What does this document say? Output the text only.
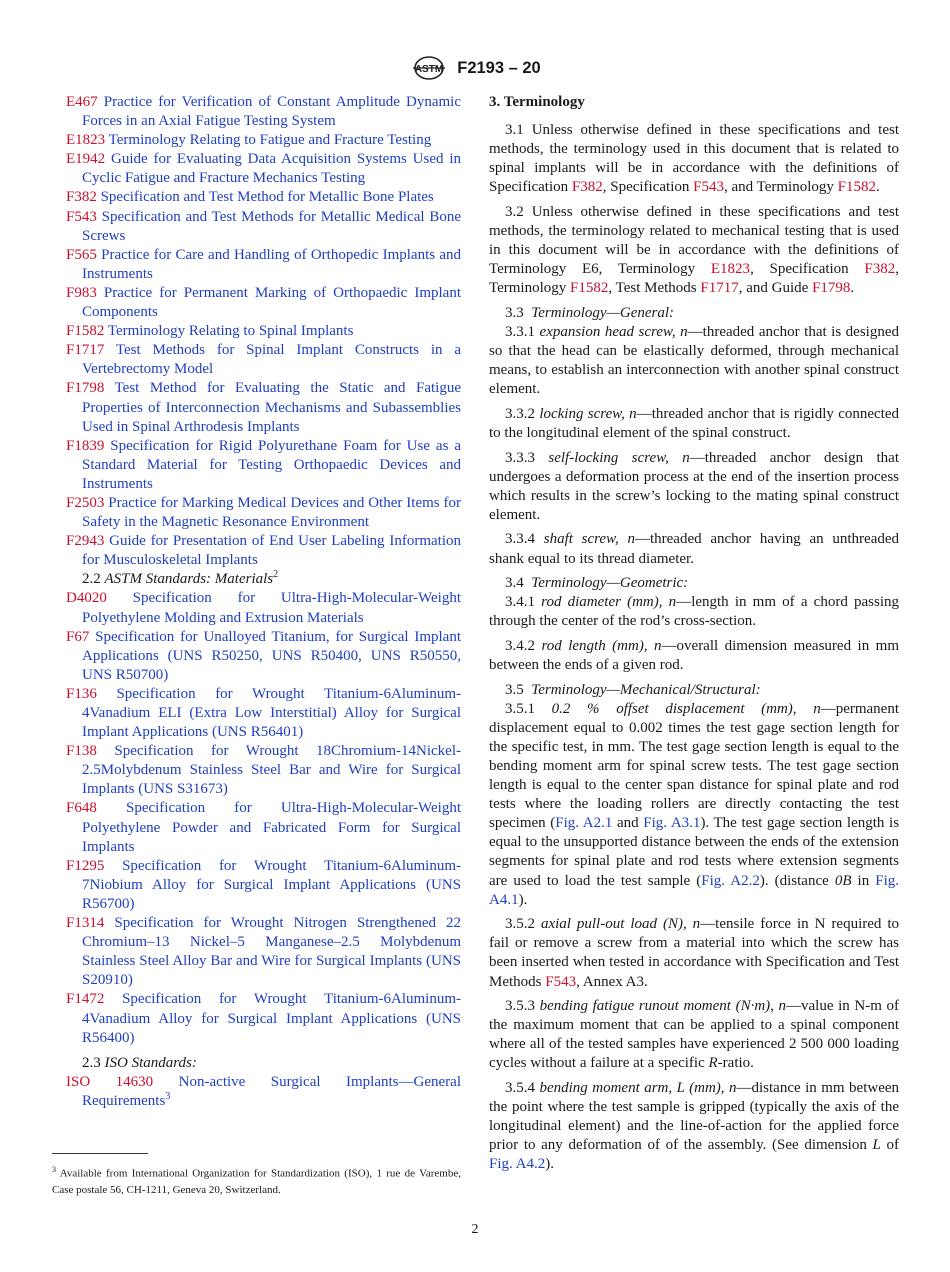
ASTM F2193 – 20
E467 Practice for Verification of Constant Amplitude Dynamic Forces in an Axial Fatigue Testing System
E1823 Terminology Relating to Fatigue and Fracture Testing
E1942 Guide for Evaluating Data Acquisition Systems Used in Cyclic Fatigue and Fracture Mechanics Testing
F382 Specification and Test Method for Metallic Bone Plates
F543 Specification and Test Methods for Metallic Medical Bone Screws
F565 Practice for Care and Handling of Orthopedic Implants and Instruments
F983 Practice for Permanent Marking of Orthopaedic Implant Components
F1582 Terminology Relating to Spinal Implants
F1717 Test Methods for Spinal Implant Constructs in a Vertebrectomy Model
F1798 Test Method for Evaluating the Static and Fatigue Properties of Interconnection Mechanisms and Subassemblies Used in Spinal Arthrodesis Implants
F1839 Specification for Rigid Polyurethane Foam for Use as a Standard Material for Testing Orthopaedic Devices and Instruments
F2503 Practice for Marking Medical Devices and Other Items for Safety in the Magnetic Resonance Environment
F2943 Guide for Presentation of End User Labeling Information for Musculoskeletal Implants
2.2 ASTM Standards: Materials$^2$
D4020 Specification for Ultra-High-Molecular-Weight Polyethylene Molding and Extrusion Materials
F67 Specification for Unalloyed Titanium, for Surgical Implant Applications (UNS R50250, UNS R50400, UNS R50550, UNS R50700)
F136 Specification for Wrought Titanium-6Aluminum-4Vanadium ELI (Extra Low Interstitial) Alloy for Surgical Implant Applications (UNS R56401)
F138 Specification for Wrought 18Chromium-14Nickel-2.5Molybdenum Stainless Steel Bar and Wire for Surgical Implants (UNS S31673)
F648 Specification for Ultra-High-Molecular-Weight Polyethylene Powder and Fabricated Form for Surgical Implants
F1295 Specification for Wrought Titanium-6Aluminum-7Niobium Alloy for Surgical Implant Applications (UNS R56700)
F1314 Specification for Wrought Nitrogen Strengthened 22 Chromium–13 Nickel–5 Manganese–2.5 Molybdenum Stainless Steel Alloy Bar and Wire for Surgical Implants (UNS S20910)
F1472 Specification for Wrought Titanium-6Aluminum-4Vanadium Alloy for Surgical Implant Applications (UNS R56400)
2.3 ISO Standards:
ISO 14630 Non-active Surgical Implants—General Requirements$^3$
$^3$ Available from International Organization for Standardization (ISO), 1 rue de Varembe, Case postale 56, CH-1211, Geneva 20, Switzerland.
3. Terminology

3.1 Unless otherwise defined in these specifications and test methods, the terminology used in this document that is related to spinal implants will be in accordance with the definitions of Specification F382, Specification F543, and Terminology F1582.

3.2 Unless otherwise defined in these specifications and test methods, the terminology related to mechanical testing that is used in this document will be in accordance with the definitions of Terminology E6, Terminology E1823, Specification F382, Terminology F1582, Test Methods F1717, and Guide F1798.

3.3 Terminology—General:

3.3.1 expansion head screw, n—threaded anchor that is designed so that the head can be elastically deformed, through mechanical means, to establish an interconnection with another spinal construct element.

3.3.2 locking screw, n—threaded anchor that is rigidly connected to the longitudinal element of the spinal construct.

3.3.3 self-locking screw, n—threaded anchor design that undergoes a deformation process at the end of the insertion process which results in the screw’s locking to the mating spinal construct element.

3.3.4 shaft screw, n—threaded anchor having an unthreaded shank equal to its thread diameter.

3.4 Terminology—Geometric:

3.4.1 rod diameter (mm), n—length in mm of a chord passing through the center of the rod’s cross-section.

3.4.2 rod length (mm), n—overall dimension measured in mm between the ends of a given rod.

3.5 Terminology—Mechanical/Structural:

3.5.1 0.2 % offset displacement (mm), n—permanent displacement equal to 0.002 times the test gage section length for the specific test, in mm. The test gage section length is equal to the bending moment arm for spinal screw tests. The test gage section length is equal to the center span distance for spinal plate and rod tests where the loading rollers are directly contacting the test specimen (Fig. A2.1 and Fig. A3.1). The test gage section length is equal to the unsupported distance between the ends of the extension segments for spinal plate and rod tests where extension segments are used to load the test sample (Fig. A2.2). (distance 0B in Fig. A4.1).

3.5.2 axial pull-out load (N), n—tensile force in N required to fail or remove a screw from a material into which the screw has been inserted when tested in accordance with Specification and Test Methods F543, Annex A3.

3.5.3 bending fatigue runout moment (N·m), n—value in N-m of the maximum moment that can be applied to a spinal component where all of the tested samples have experienced 2 500 000 loading cycles without a failure at a specific R-ratio.

3.5.4 bending moment arm, L (mm), n—distance in mm between the point where the test sample is gripped (typically the axis of the longitudinal element) and the line-of-action for the applied force prior to any deformation of of the assembly. (See dimension L of Fig. A4.2).

2
